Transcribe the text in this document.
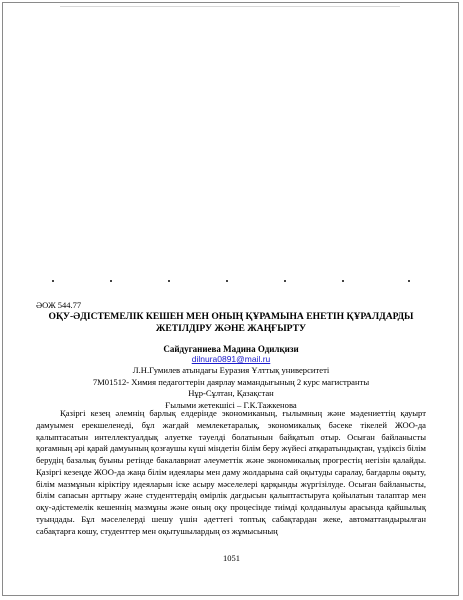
ӘОЖ 544.77
ОҚУ-ӘДІСТЕМЕЛІК КЕШЕН МЕН ОНЫҢ ҚҰРАМЫНА ЕНЕТІН ҚҰРАЛДАРДЫ
ЖЕТІЛДІРУ ЖӘНЕ ЖАҢҒЫРТУ
Сайдуганиева Мадина Одилқизи
dilnura0891@mail.ru
Л.Н.Гумилев атындағы Еуразия Ұлттық университеті
7М01512- Химия педагогтерін даярлау мамандығының 2 курс магистранты
Нұр-Сұлтан, Қазақстан
Ғылыми жетекшісі – Г.К.Тажкенова

Қазіргі кезең әлемнің барлық елдерінде экономиканың, ғылымның және мәдениеттің қауырт дамуымен ерекшеленеді, бұл жағдай мемлекетаралық, экономикалық бәсеке тікелей ЖОО-да қалыптасатын интеллектуалдық әлуетке тәуелді болатынын байқатып отыр. Осыған байланысты қоғамның әрі қарай дамуының қозғаушы күші міндетін білім беру жүйесі атқаратындықтан, үздіксіз білім берудің базалық буыны ретінде бакалавриат әлеуметтік және экономикалық прогрестің негізін қалайды. Қазіргі кезеңде ЖОО-да жаңа білім идеялары мен даму жолдарына сай оқытуды саралау, бағдарлы оқыту, білім мазмұнын кіріктіру идеяларын іске асыру мәселелері қарқынды жүргізілуде. Осыған байланысты, білім сапасын арттыру және студенттердің өмірлік дағдысын қалыптастыруға қойылатын талаптар мен оқу-әдістемелік кешеннің мазмұны және оның оқу процесінде тиімді қолданылуы арасында қайшылық туындады. Бұл мәселелерді шешу үшін әдеттегі топтық сабақтардан жеке, автоматтандырылған сабақтарға көшу, студенттер мен оқытушылардың өз жұмысының

1051
